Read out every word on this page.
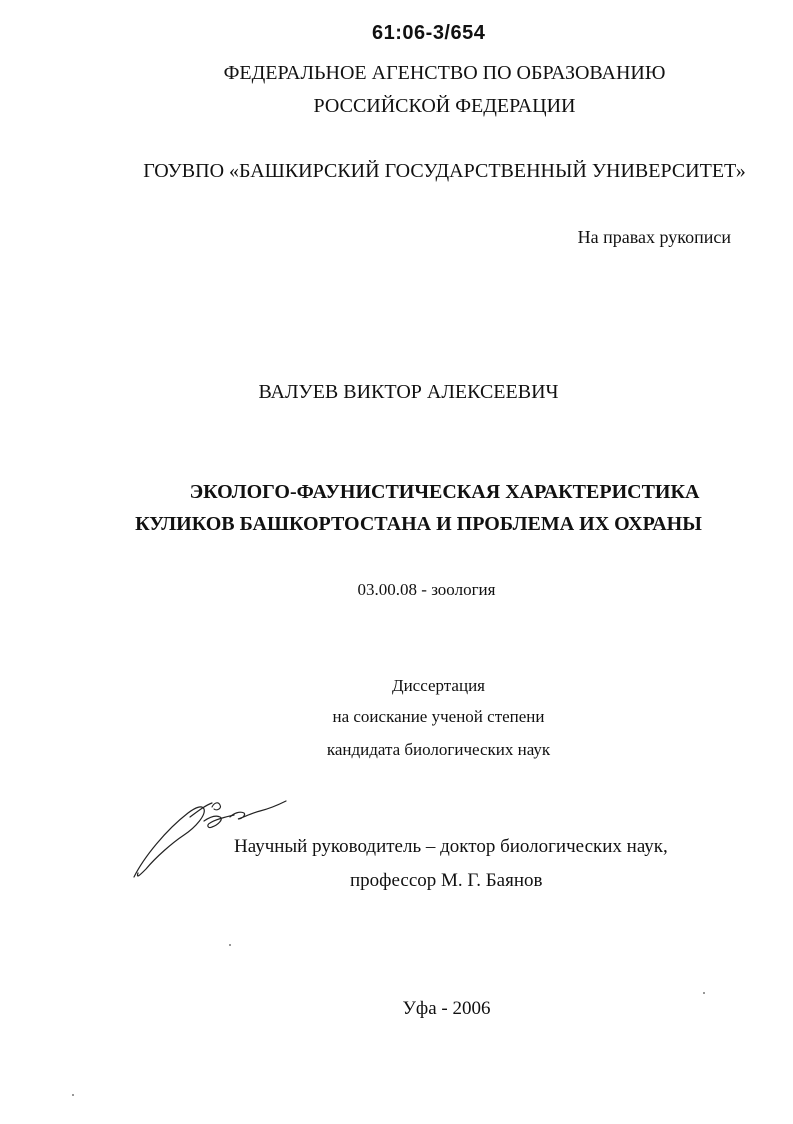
61:06-3/654
ФЕДЕРАЛЬНОЕ АГЕНСТВО ПО ОБРАЗОВАНИЮ
РОССИЙСКОЙ ФЕДЕРАЦИИ
ГОУВПО «БАШКИРСКИЙ ГОСУДАРСТВЕННЫЙ УНИВЕРСИТЕТ»
На правах рукописи
ВАЛУЕВ ВИКТОР АЛЕКСЕЕВИЧ
ЭКОЛОГО-ФАУНИСТИЧЕСКАЯ ХАРАКТЕРИСТИКА
КУЛИКОВ БАШКОРТОСТАНА И ПРОБЛЕМА ИХ ОХРАНЫ
03.00.08 - зоология
Диссертация
на соискание ученой степени
кандидата биологических наук
Научный руководитель – доктор биологических наук,
профессор М. Г. Баянов
Уфа - 2006
